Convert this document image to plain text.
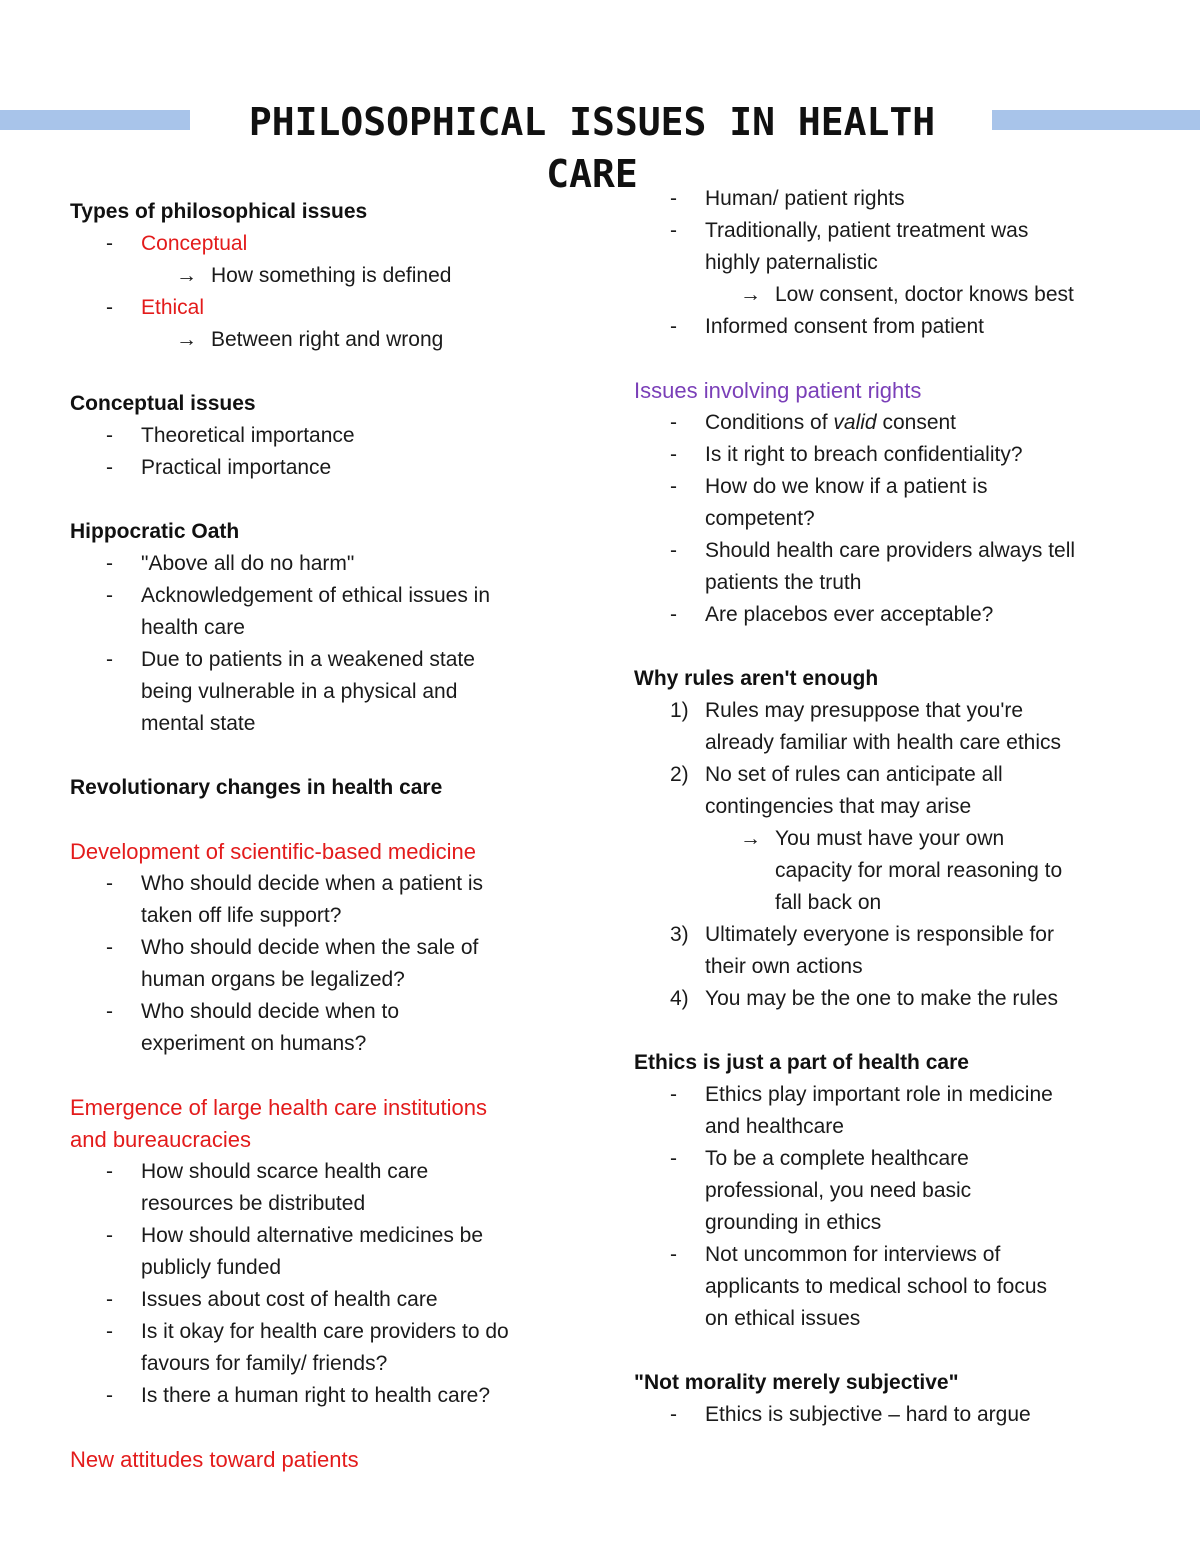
PHILOSOPHICAL ISSUES IN HEALTH CARE

Types of philosophical issues

- Conceptual
→ How something is defined
- Ethical
→ Between right and wrong

Conceptual issues

- Theoretical importance
- Practical importance

Hippocratic Oath

- "Above all do no harm"
- Acknowledgement of ethical issues in
health care
- Due to patients in a weakened state
being vulnerable in a physical and
mental state

Revolutionary changes in health care

Development of scientific-based medicine

- Who should decide when a patient is
taken off life support?
- Who should decide when the sale of
human organs be legalized?
- Who should decide when to
experiment on humans?

Emergence of large health care institutions

and bureaucracies

- How should scarce health care
resources be distributed
- How should alternative medicines be
publicly funded
- Issues about cost of health care
- Is it okay for health care providers to do
favours for family/ friends?
- Is there a human right to health care?

New attitudes toward patients

- Human/ patient rights
- Traditionally, patient treatment was
highly paternalistic
→ Low consent, doctor knows best
- Informed consent from patient

Issues involving patient rights

- Conditions of valid consent
- Is it right to breach confidentiality?
- How do we know if a patient is
competent?
- Should health care providers always tell
patients the truth
- Are placebos ever acceptable?

Why rules aren't enough

1) Rules may presuppose that you're
already familiar with health care ethics
2) No set of rules can anticipate all
contingencies that may arise
→ You must have your own
capacity for moral reasoning to
fall back on
3) Ultimately everyone is responsible for
their own actions
4) You may be the one to make the rules

Ethics is just a part of health care

- Ethics play important role in medicine
and healthcare
- To be a complete healthcare
professional, you need basic
grounding in ethics
- Not uncommon for interviews of
applicants to medical school to focus
on ethical issues

"Not morality merely subjective"

- Ethics is subjective – hard to argue
